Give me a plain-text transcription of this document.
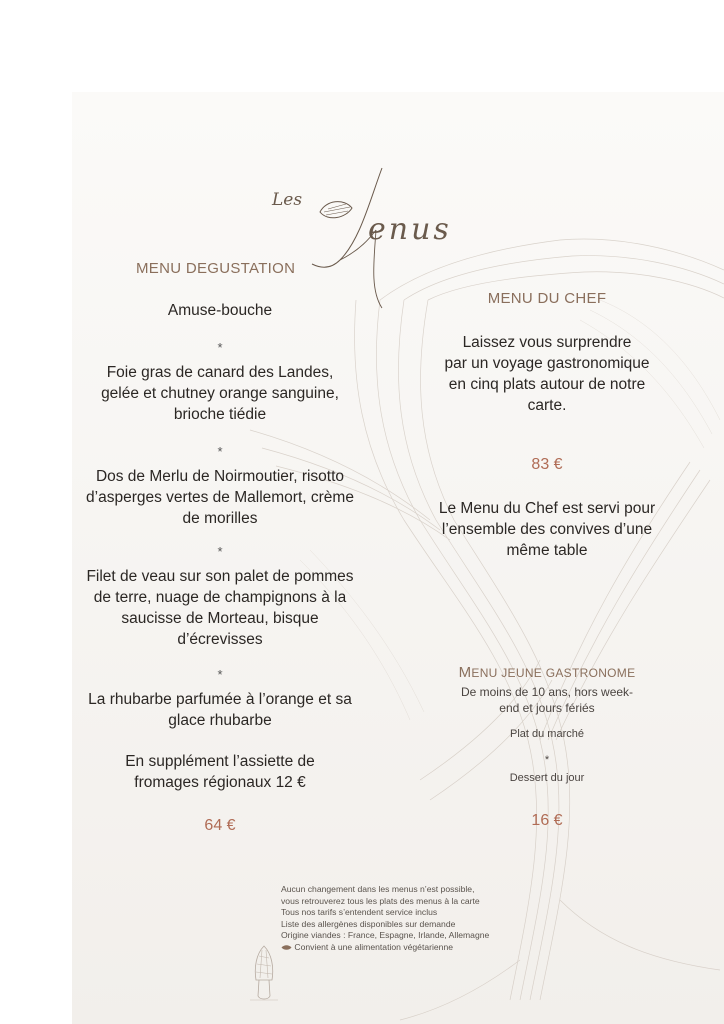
Les
enus
MENU DEGUSTATION
Amuse-bouche
*
Foie gras de canard des Landes,
gelée et chutney orange sanguine,
brioche tiédie
*
Dos de Merlu de Noirmoutier, risotto
d’asperges vertes de Mallemort, crème
de morilles
*
Filet de veau sur son palet de pommes
de terre, nuage de champignons à la
saucisse de Morteau, bisque
d’écrevisses
*
La rhubarbe parfumée à l’orange et sa
glace rhubarbe
En supplément l’assiette de
fromages régionaux 12 €
64 €
MENU DU CHEF
Laissez vous surprendre
par un voyage gastronomique
en cinq plats autour de notre
carte.
83 €
Le Menu du Chef est servi pour
l’ensemble des convives d’une
même table
MENU JEUNE GASTRONOME
De moins de 10 ans, hors week-
end et jours fériés
Plat du marché
*
Dessert du jour
16 €
Aucun changement dans les menus n’est possible,
vous retrouverez tous les plats des menus à la carte
Tous nos tarifs s’entendent service inclus
Liste des allergènes disponibles sur demande
Origine viandes : France, Espagne, Irlande, Allemagne
Convient à une alimentation végétarienne
